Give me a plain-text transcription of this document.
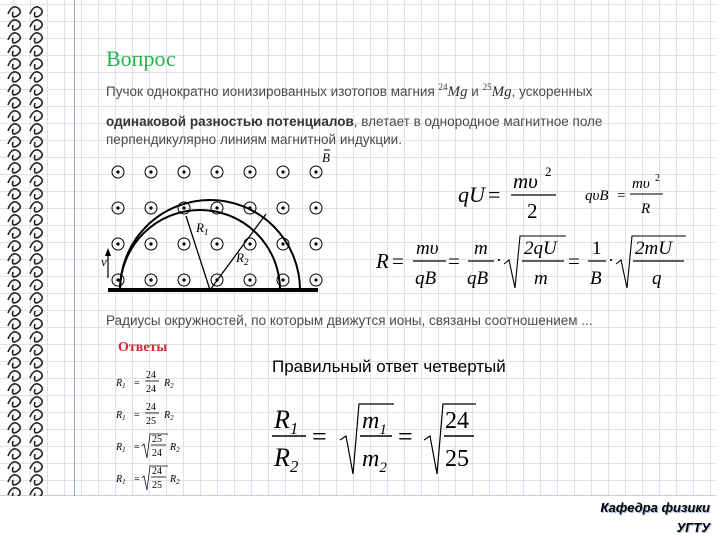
Вопрос
Пучок однократно ионизированных изотопов магния $^{24}$Mg и $^{25}$Mg, ускоренных
одинаковой разностью потенциалов, влетает в однородное магнитное поле
перпендикулярно линиям магнитной индукции.
v
B
$R_1$
$R_2$
qU =
mυ 2
2
qυB =
mυ 2
R
R =
mυ
qB
=
m
qB
·
2qU
m
=
1
B
·
2mU
q
Радиусы окружностей, по которым движутся ионы, связаны соотношением ...
Ответы
Правильный ответ четвертый
$R_1$ =
24
24
$R_2$
$R_1$ =
24
25
$R_2$
$R_1$ =
25
24
$R_2$
$R_1$ =
24
25
$R_2$
$R_1$
$R_2$
=
$m_1$
$m_2$
=
24
25
Кафедра физики
УГТУ
